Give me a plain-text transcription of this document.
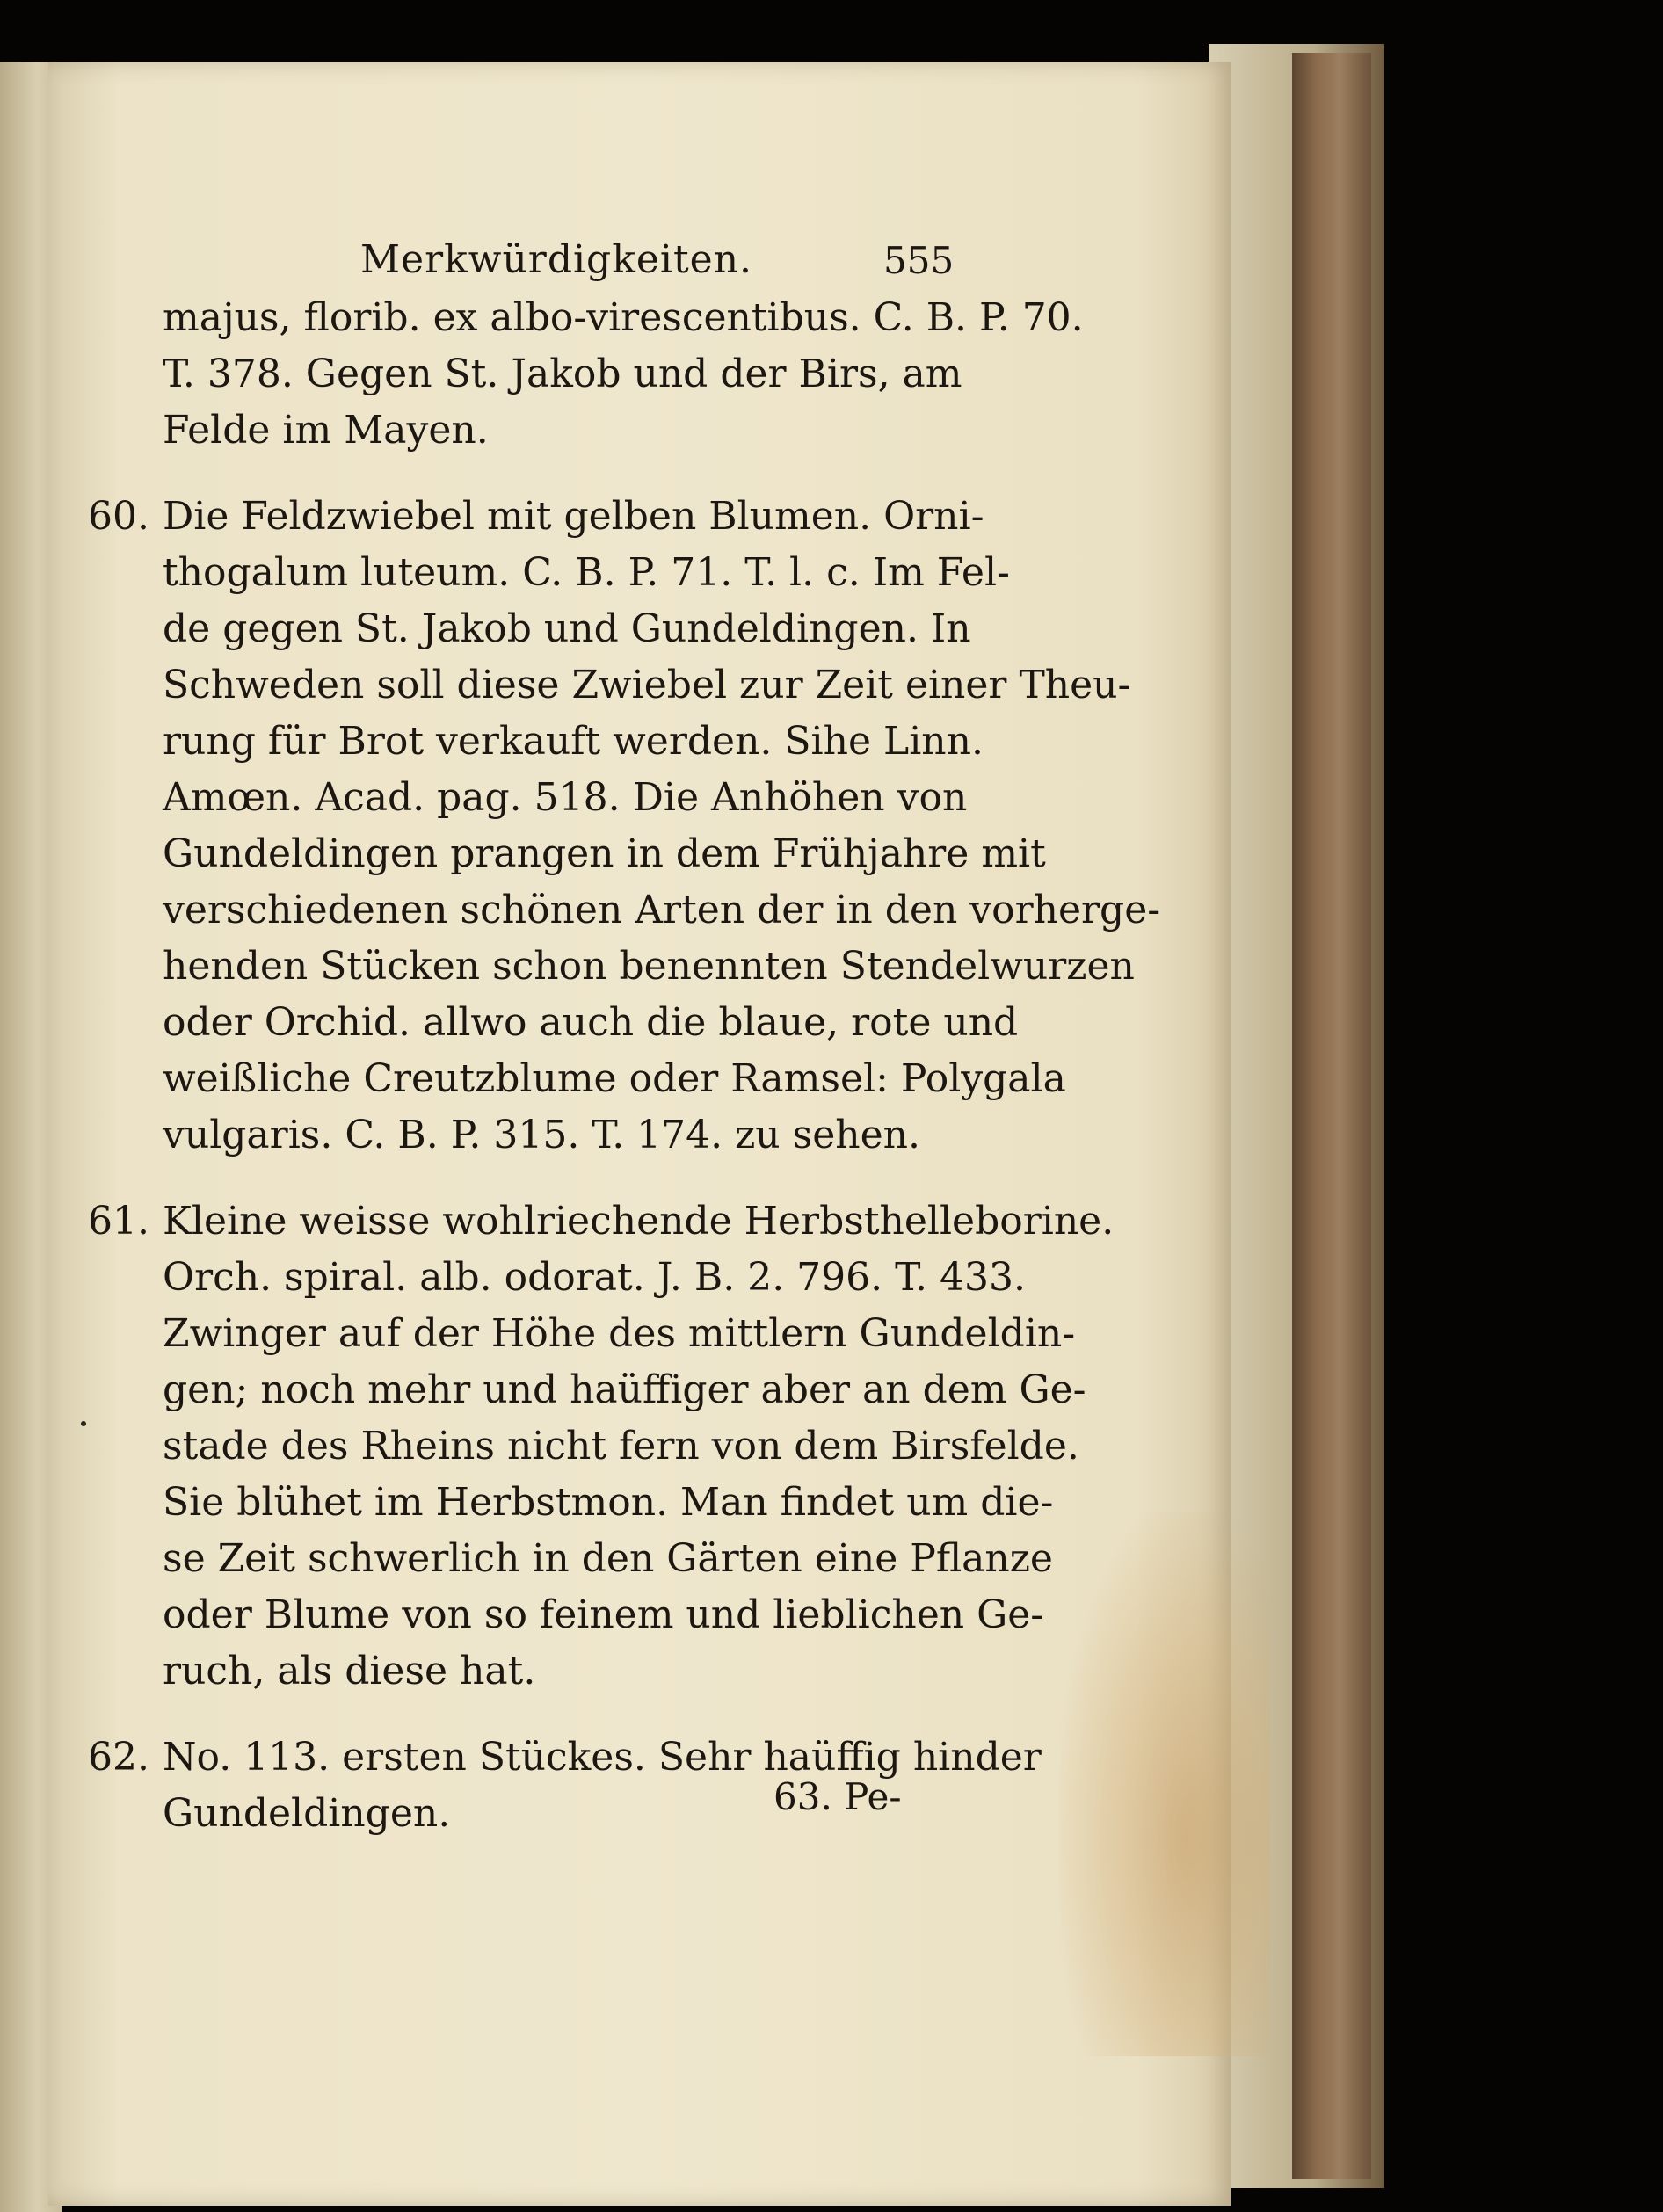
Merkwürdigkeiten.	555
majus, florib. ex albo-virescentibus. C. B. P. 70.
T. 378. Gegen St. Jakob und der Birs, am
Felde im Mayen.
60. Die Feldzwiebel mit gelben Blumen. Orni-
thogalum luteum. C. B. P. 71. T. l. c. Im Fel-
de gegen St. Jakob und Gundeldingen. In
Schweden soll diese Zwiebel zur Zeit einer Theu-
rung für Brot verkauft werden. Sihe Linn.
Amœn. Acad. pag. 518. Die Anhöhen von
Gundeldingen prangen in dem Frühjahre mit
verschiedenen schönen Arten der in den vorherge-
henden Stücken schon benennten Stendelwurzen
oder Orchid. allwo auch die blaue, rote und
weißliche Creutzblume oder Ramsel: Polygala
vulgaris. C. B. P. 315. T. 174. zu sehen.
61. Kleine weisse wohlriechende Herbsthelleborine.
Orch. spiral. alb. odorat. J. B. 2. 796. T. 433.
Zwinger auf der Höhe des mittlern Gundeldin-
gen; noch mehr und haüffiger aber an dem Ge-
stade des Rheins nicht fern von dem Birsfelde.
Sie blühet im Herbstmon. Man findet um die-
se Zeit schwerlich in den Gärten eine Pflanze
oder Blume von so feinem und lieblichen Ge-
ruch, als diese hat.
62. No. 113. ersten Stückes. Sehr haüffig hinder
Gundeldingen.	63. Pe-
